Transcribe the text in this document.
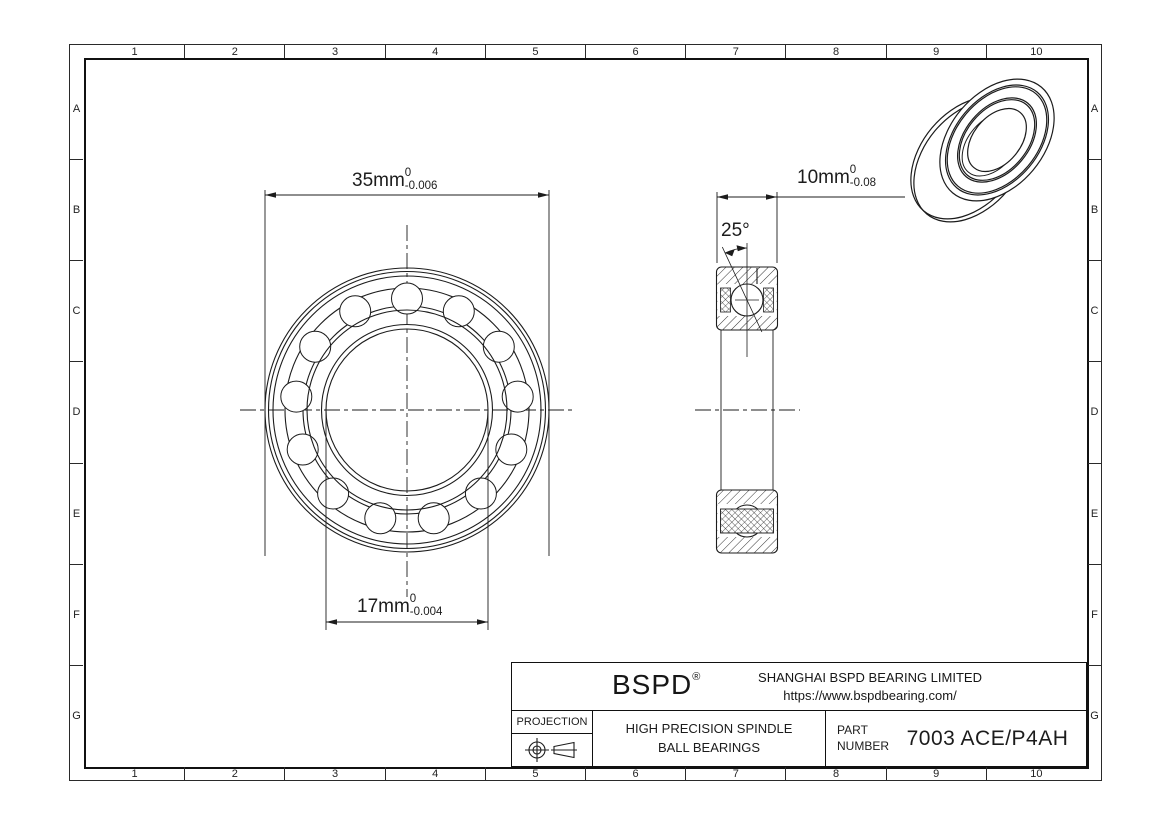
1	2	3	4	5	6	7	8	9	10
1	2	3	4	5	6	7	8	9	10
A
B
C
D
E
F
G
A
B
C
D
E
F
G
35mm 0
-0.006
17mm 0
-0.004
10mm 0
-0.08
25°
BSPD®	SHANGHAI BSPD BEARING LIMITED
https://www.bspdbearing.com/
PROJECTION	HIGH PRECISION SPINDLE
BALL BEARINGS
PART
NUMBER 7003 ACE/P4AH
